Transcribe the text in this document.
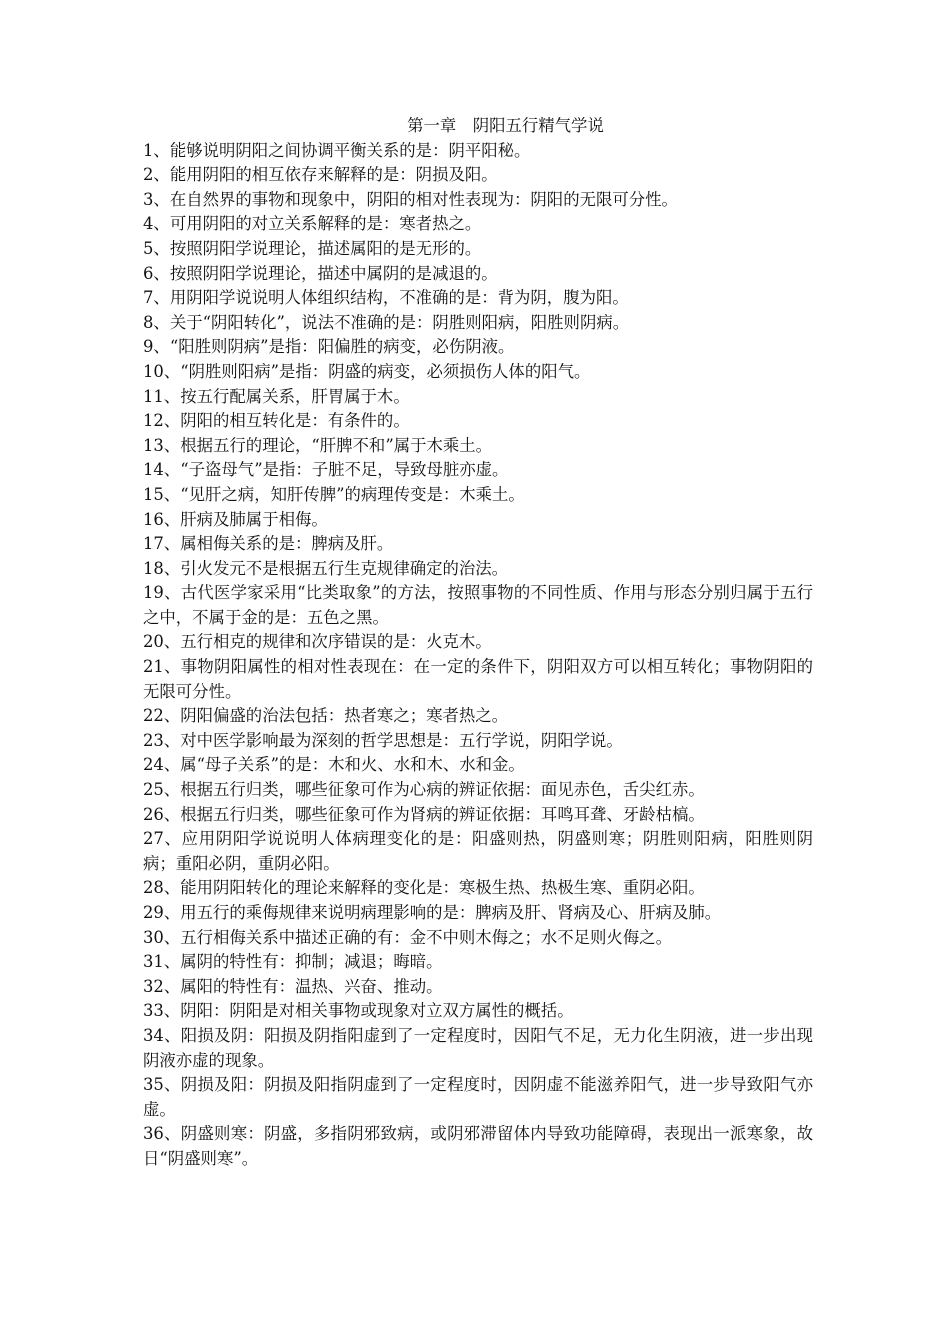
第一章　阴阳五行精气学说
1、能够说明阴阳之间协调平衡关系的是：阴平阳秘。
2、能用阴阳的相互依存来解释的是：阴损及阳。
3、在自然界的事物和现象中，阴阳的相对性表现为：阴阳的无限可分性。
4、可用阴阳的对立关系解释的是：寒者热之。
5、按照阴阳学说理论，描述属阳的是无形的。
6、按照阴阳学说理论，描述中属阴的是减退的。
7、用阴阳学说说明人体组织结构，不准确的是：背为阴，腹为阳。
8、关于“阴阳转化”，说法不准确的是：阴胜则阳病，阳胜则阴病。
9、“阳胜则阴病”是指：阳偏胜的病变，必伤阴液。
10、“阴胜则阳病”是指：阴盛的病变，必须损伤人体的阳气。
11、按五行配属关系，肝胃属于木。
12、阴阳的相互转化是：有条件的。
13、根据五行的理论，“肝脾不和”属于木乘土。
14、“子盗母气”是指：子脏不足，导致母脏亦虚。
15、“见肝之病，知肝传脾”的病理传变是：木乘土。
16、肝病及肺属于相侮。
17、属相侮关系的是：脾病及肝。
18、引火发元不是根据五行生克规律确定的治法。
19、古代医学家采用“比类取象”的方法，按照事物的不同性质、作用与形态分别归属于五行之中，不属于金的是：五色之黑。
20、五行相克的规律和次序错误的是：火克木。
21、事物阴阳属性的相对性表现在：在一定的条件下，阴阳双方可以相互转化；事物阴阳的无限可分性。
22、阴阳偏盛的治法包括：热者寒之；寒者热之。
23、对中医学影响最为深刻的哲学思想是：五行学说，阴阳学说。
24、属“母子关系”的是：木和火、水和木、水和金。
25、根据五行归类，哪些征象可作为心病的辨证依据：面见赤色，舌尖红赤。
26、根据五行归类，哪些征象可作为肾病的辨证依据：耳鸣耳聋、牙龄枯槁。
27、应用阴阳学说说明人体病理变化的是：阳盛则热，阴盛则寒；阴胜则阳病，阳胜则阴病；重阳必阴，重阴必阳。
28、能用阴阳转化的理论来解释的变化是：寒极生热、热极生寒、重阴必阳。
29、用五行的乘侮规律来说明病理影响的是：脾病及肝、肾病及心、肝病及肺。
30、五行相侮关系中描述正确的有：金不中则木侮之；水不足则火侮之。
31、属阴的特性有：抑制；减退；晦暗。
32、属阳的特性有：温热、兴奋、推动。
33、阴阳：阴阳是对相关事物或现象对立双方属性的概括。
34、阳损及阴：阳损及阴指阳虚到了一定程度时，因阳气不足，无力化生阴液，进一步出现阴液亦虚的现象。
35、阴损及阳：阴损及阳指阴虚到了一定程度时，因阴虚不能滋养阳气，进一步导致阳气亦虚。
36、阴盛则寒：阴盛，多指阴邪致病，或阴邪滞留体内导致功能障碍，表现出一派寒象，故日“阴盛则寒”。
